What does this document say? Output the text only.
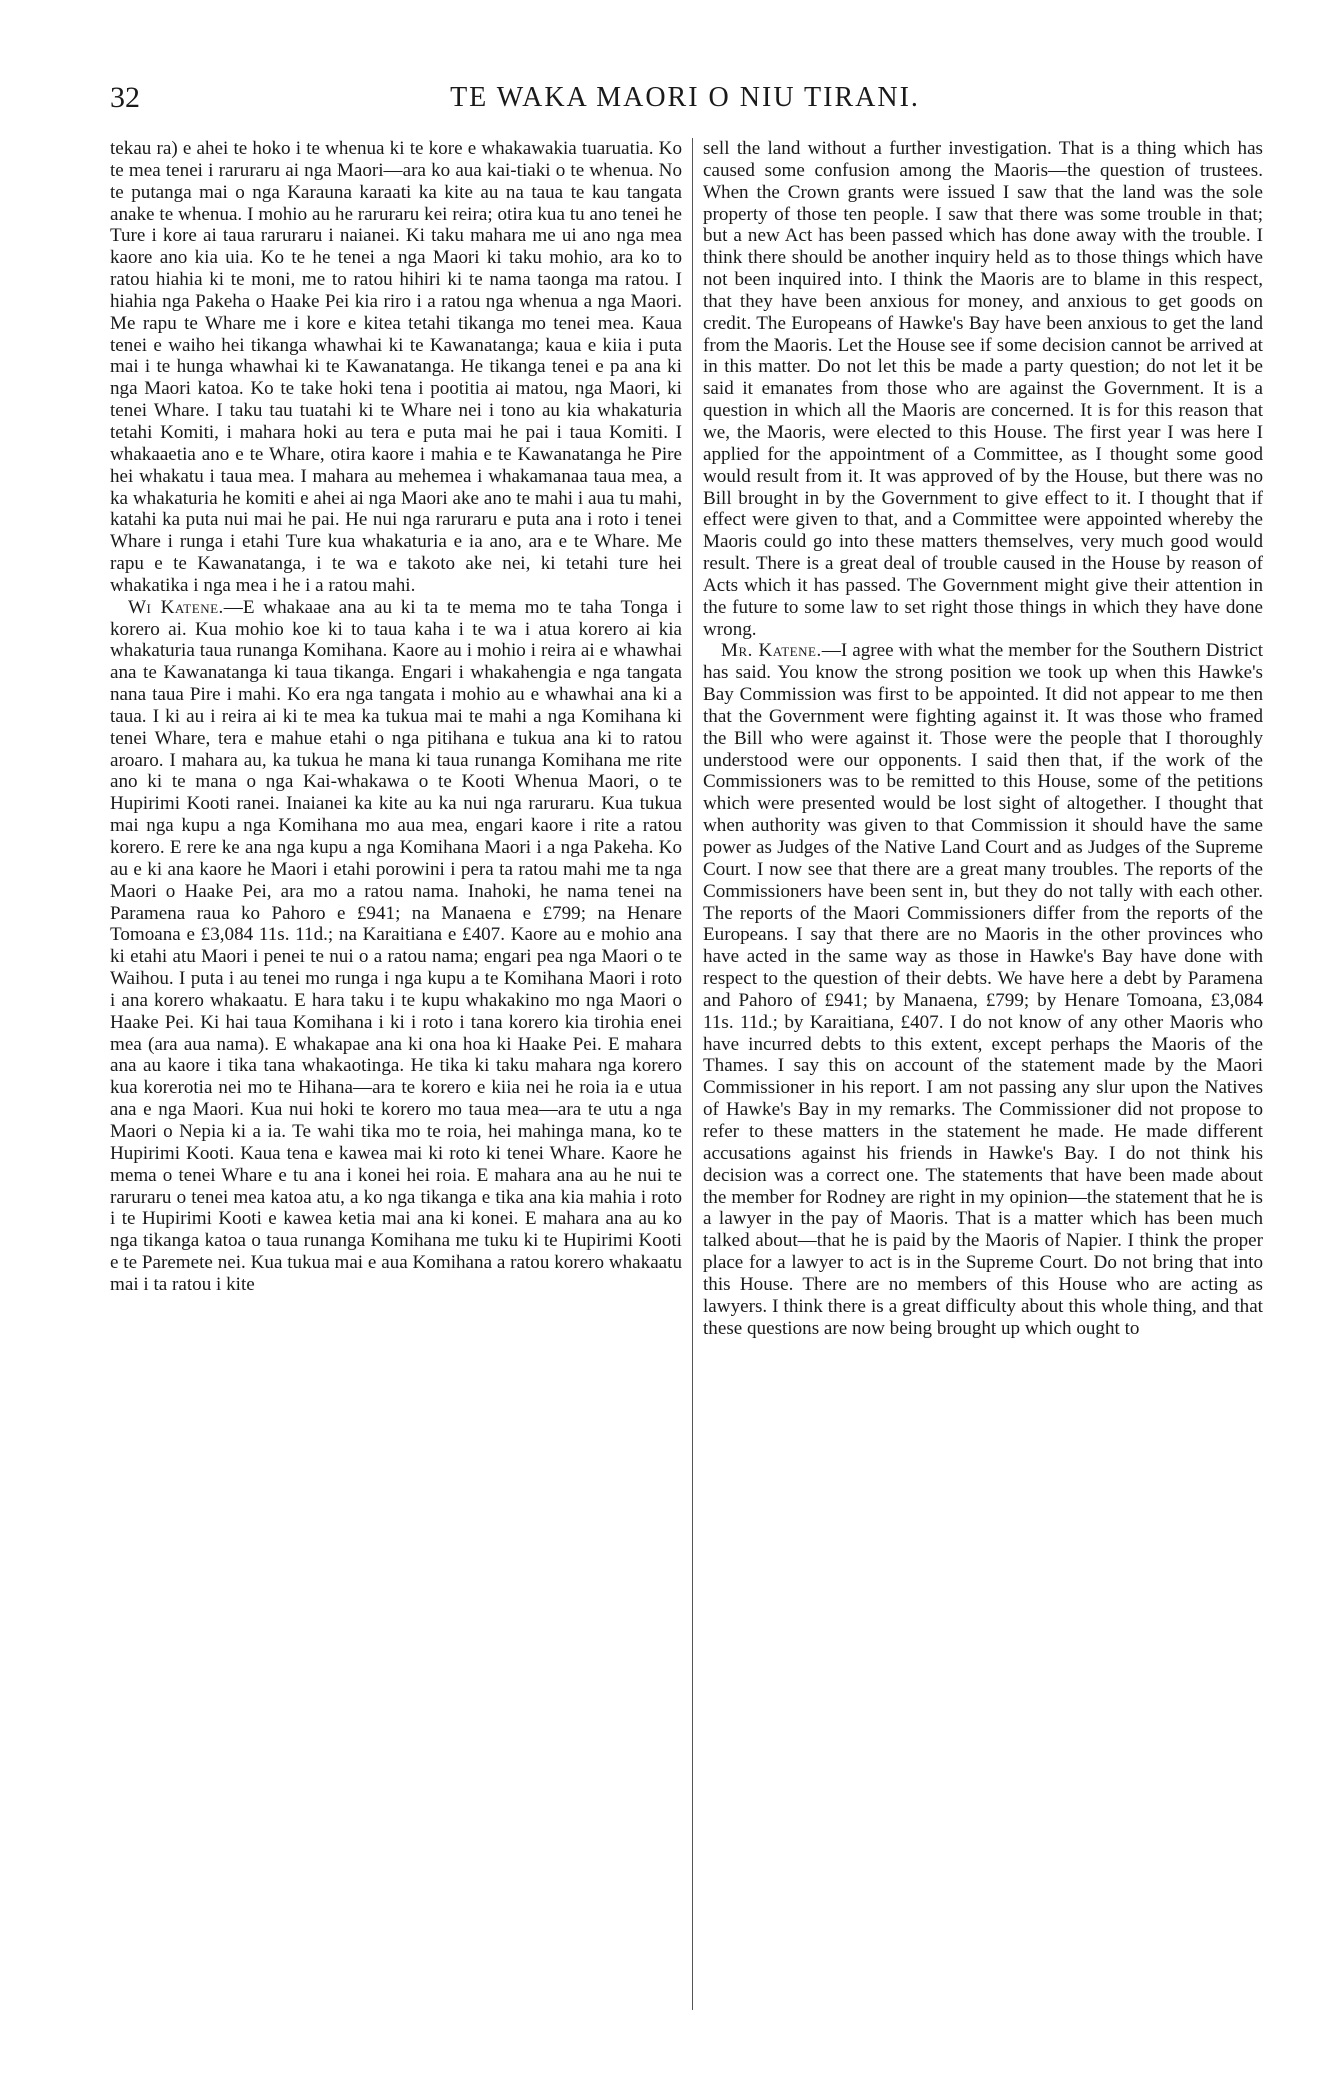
32	TE WAKA MAORI O NIU TIRANI.

tekau ra) e ahei te hoko i te whenua ki te kore e whakawakia tuaruatia. Ko te mea tenei i raruraru ai nga Maori—ara ko aua kai-tiaki o te whenua. No te putanga mai o nga Karauna karaati ka kite au na taua te kau tangata anake te whenua. I mohio au he raruraru kei reira; otira kua tu ano tenei he Ture i kore ai taua raruraru i naianei. Ki taku mahara me ui ano nga mea kaore ano kia uia. Ko te he tenei a nga Maori ki taku mohio, ara ko to ratou hiahia ki te moni, me to ratou hihiri ki te nama taonga ma ratou. I hiahia nga Pakeha o Haake Pei kia riro i a ratou nga whenua a nga Maori. Me rapu te Whare me i kore e kitea tetahi tikanga mo tenei mea. Kaua tenei e waiho hei tikanga whawhai ki te Kawanatanga; kaua e kiia i puta mai i te hunga whawhai ki te Kawanatanga. He tikanga tenei e pa ana ki nga Maori katoa. Ko te take hoki tena i pootitia ai matou, nga Maori, ki tenei Whare. I taku tau tuatahi ki te Whare nei i tono au kia whakaturia tetahi Komiti, i mahara hoki au tera e puta mai he pai i taua Komiti. I whakaaetia ano e te Whare, otira kaore i mahia e te Kawanatanga he Pire hei whakatu i taua mea. I mahara au mehemea i whakamanaa taua mea, a ka whakaturia he komiti e ahei ai nga Maori ake ano te mahi i aua tu mahi, katahi ka puta nui mai he pai. He nui nga raruraru e puta ana i roto i tenei Whare i runga i etahi Ture kua whakaturia e ia ano, ara e te Whare. Me rapu e te Kawanatanga, i te wa e takoto ake nei, ki tetahi ture hei whakatika i nga mea i he i a ratou mahi.

Wi Katene.—E whakaae ana au ki ta te mema mo te taha Tonga i korero ai. Kua mohio koe ki to taua kaha i te wa i atua korero ai kia whakaturia taua runanga Komihana. Kaore au i mohio i reira ai e whawhai ana te Kawanatanga ki taua tikanga. Engari i whakahengia e nga tangata nana taua Pire i mahi. Ko era nga tangata i mohio au e whawhai ana ki a taua. I ki au i reira ai ki te mea ka tukua mai te mahi a nga Komihana ki tenei Whare, tera e mahue etahi o nga pitihana e tukua ana ki to ratou aroaro. I mahara au, ka tukua he mana ki taua runanga Komihana me rite ano ki te mana o nga Kai-whakawa o te Kooti Whenua Maori, o te Hupirimi Kooti ranei. Inaianei ka kite au ka nui nga raruraru. Kua tukua mai nga kupu a nga Komihana mo aua mea, engari kaore i rite a ratou korero. E rere ke ana nga kupu a nga Komihana Maori i a nga Pakeha. Ko au e ki ana kaore he Maori i etahi porowini i pera ta ratou mahi me ta nga Maori o Haake Pei, ara mo a ratou nama. Inahoki, he nama tenei na Paramena raua ko Pahoro e £941; na Manaena e £799; na Henare Tomoana e £3,084 11s. 11d.; na Karaitiana e £407. Kaore au e mohio ana ki etahi atu Maori i penei te nui o a ratou nama; engari pea nga Maori o te Waihou. I puta i au tenei mo runga i nga kupu a te Komihana Maori i roto i ana korero whakaatu. E hara taku i te kupu whakakino mo nga Maori o Haake Pei. Ki hai taua Komihana i ki i roto i tana korero kia tirohia enei mea (ara aua nama). E whakapae ana ki ona hoa ki Haake Pei. E mahara ana au kaore i tika tana whakaotinga. He tika ki taku mahara nga korero kua korerotia nei mo te Hihana—ara te korero e kiia nei he roia ia e utua ana e nga Maori. Kua nui hoki te korero mo taua mea—ara te utu a nga Maori o Nepia ki a ia. Te wahi tika mo te roia, hei mahinga mana, ko te Hupirimi Kooti. Kaua tena e kawea mai ki roto ki tenei Whare. Kaore he mema o tenei Whare e tu ana i konei hei roia. E mahara ana au he nui te raruraru o tenei mea katoa atu, a ko nga tikanga e tika ana kia mahia i roto i te Hupirimi Kooti e kawea ketia mai ana ki konei. E mahara ana au ko nga tikanga katoa o taua runanga Komihana me tuku ki te Hupirimi Kooti e te Paremete nei. Kua tukua mai e aua Komihana a ratou korero whakaatu mai i ta ratou i kite

sell the land without a further investigation. That is a thing which has caused some confusion among the Maoris—the question of trustees. When the Crown grants were issued I saw that the land was the sole property of those ten people. I saw that there was some trouble in that; but a new Act has been passed which has done away with the trouble. I think there should be another inquiry held as to those things which have not been inquired into. I think the Maoris are to blame in this respect, that they have been anxious for money, and anxious to get goods on credit. The Europeans of Hawke's Bay have been anxious to get the land from the Maoris. Let the House see if some decision cannot be arrived at in this matter. Do not let this be made a party question; do not let it be said it emanates from those who are against the Government. It is a question in which all the Maoris are concerned. It is for this reason that we, the Maoris, were elected to this House. The first year I was here I applied for the appointment of a Committee, as I thought some good would result from it. It was approved of by the House, but there was no Bill brought in by the Government to give effect to it. I thought that if effect were given to that, and a Committee were appointed whereby the Maoris could go into these matters themselves, very much good would result. There is a great deal of trouble caused in the House by reason of Acts which it has passed. The Government might give their attention in the future to some law to set right those things in which they have done wrong.

Mr. Katene.—I agree with what the member for the Southern District has said. You know the strong position we took up when this Hawke's Bay Commission was first to be appointed. It did not appear to me then that the Government were fighting against it. It was those who framed the Bill who were against it. Those were the people that I thoroughly understood were our opponents. I said then that, if the work of the Commissioners was to be remitted to this House, some of the petitions which were presented would be lost sight of altogether. I thought that when authority was given to that Commission it should have the same power as Judges of the Native Land Court and as Judges of the Supreme Court. I now see that there are a great many troubles. The reports of the Commissioners have been sent in, but they do not tally with each other. The reports of the Maori Commissioners differ from the reports of the Europeans. I say that there are no Maoris in the other provinces who have acted in the same way as those in Hawke's Bay have done with respect to the question of their debts. We have here a debt by Paramena and Pahoro of £941; by Manaena, £799; by Henare Tomoana, £3,084 11s. 11d.; by Karaitiana, £407. I do not know of any other Maoris who have incurred debts to this extent, except perhaps the Maoris of the Thames. I say this on account of the statement made by the Maori Commissioner in his report. I am not passing any slur upon the Natives of Hawke's Bay in my remarks. The Commissioner did not propose to refer to these matters in the statement he made. He made different accusations against his friends in Hawke's Bay. I do not think his decision was a correct one. The statements that have been made about the member for Rodney are right in my opinion—the statement that he is a lawyer in the pay of Maoris. That is a matter which has been much talked about—that he is paid by the Maoris of Napier. I think the proper place for a lawyer to act is in the Supreme Court. Do not bring that into this House. There are no members of this House who are acting as lawyers. I think there is a great difficulty about this whole thing, and that these questions are now being brought up which ought to
